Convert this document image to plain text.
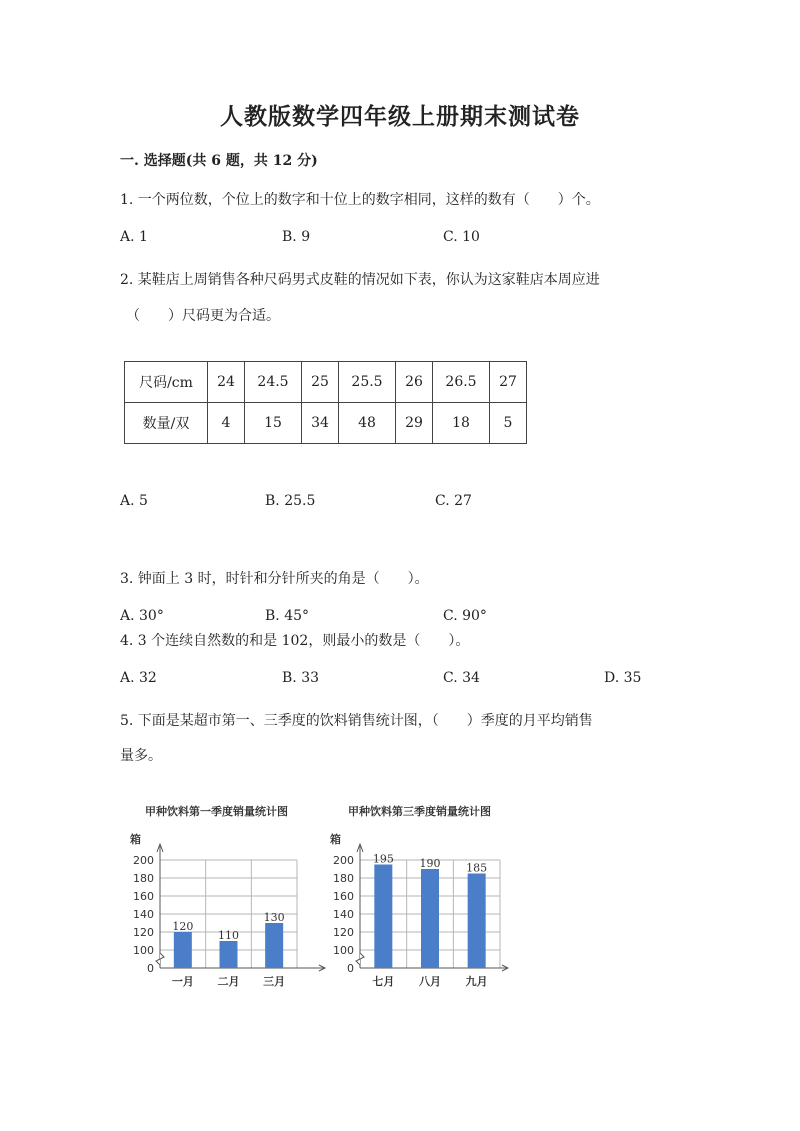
人教版数学四年级上册期末测试卷
一. 选择题(共 6 题，共 12 分)
1. 一个两位数，个位上的数字和十位上的数字相同，这样的数有（　　）个。
A. 1	B. 9	C. 10
2. 某鞋店上周销售各种尺码男式皮鞋的情况如下表，你认为这家鞋店本周应进
（　　）尺码更为合适。
尺码/cm	24	24.5	25	25.5	26	26.5	27
数量/双	4	15	34	48	29	18	5
A. 5	B. 25.5	C. 27
3. 钟面上 3 时，时针和分针所夹的角是（　　）。
A. 30°	B. 45°	C. 90°
4. 3 个连续自然数的和是 102，则最小的数是（　　）。
A. 32	B. 33	C. 34	D. 35
5. 下面是某超市第一、三季度的饮料销售统计图，（　　）季度的月平均销售
量多。
甲种饮料第一季度销量统计图
箱
0
100
120
140
160
180
200
120
一月
110
二月
130
三月
甲种饮料第三季度销量统计图
箱
0
100
120
140
160
180
200 195
七月
190
八月
185
九月
